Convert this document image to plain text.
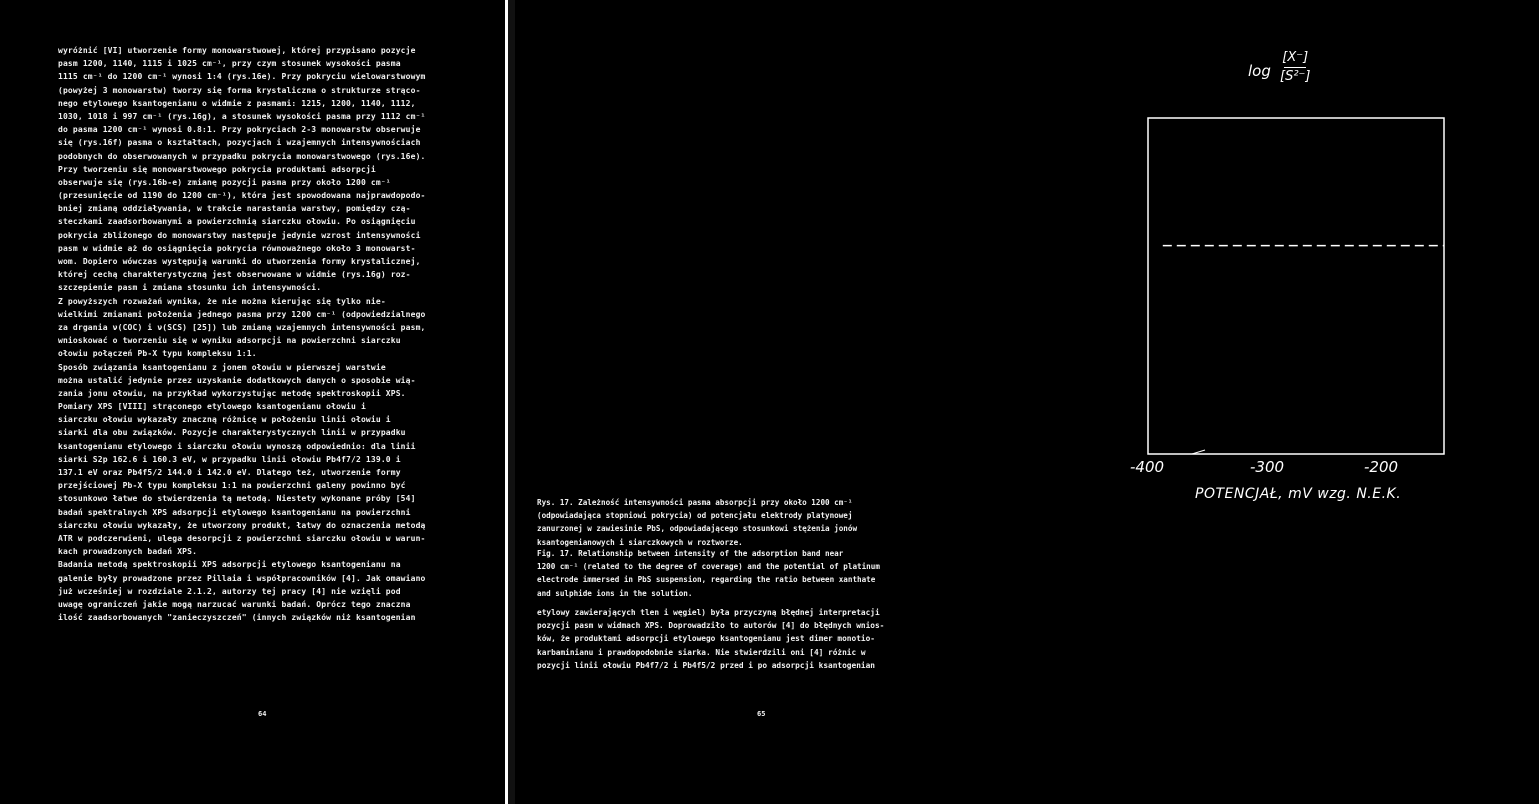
wyróżnić [VI] utworzenie formy monowarstwowej, której przypisano pozycje
pasm 1200, 1140, 1115 i 1025 cm⁻¹, przy czym stosunek wysokości pasma
1115 cm⁻¹ do 1200 cm⁻¹ wynosi 1:4 (rys.16e). Przy pokryciu wielowarstwowym
(powyżej 3 monowarstw) tworzy się forma krystaliczna o strukturze strąco-
nego etylowego ksantogenianu o widmie z pasmami: 1215, 1200, 1140, 1112,
1030, 1018 i 997 cm⁻¹ (rys.16g), a stosunek wysokości pasma przy 1112 cm⁻¹
do pasma 1200 cm⁻¹ wynosi 0.8:1. Przy pokryciach 2-3 monowarstw obserwuje
się (rys.16f) pasma o kształtach, pozycjach i wzajemnych intensywnościach
podobnych do obserwowanych w przypadku pokrycia monowarstwowego (rys.16e).
Przy tworzeniu się monowarstwowego pokrycia produktami adsorpcji
obserwuje się (rys.16b-e) zmianę pozycji pasma przy około 1200 cm⁻¹
(przesunięcie od 1190 do 1200 cm⁻¹), która jest spowodowana najprawdopodo-
bniej zmianą oddziaływania, w trakcie narastania warstwy, pomiędzy czą-
steczkami zaadsorbowanymi a powierzchnią siarczku ołowiu. Po osiągnięciu
pokrycia zbliżonego do monowarstwy następuje jedynie wzrost intensywności
pasm w widmie aż do osiągnięcia pokrycia równoważnego około 3 monowarst-
wom. Dopiero wówczas występują warunki do utworzenia formy krystalicznej,
której cechą charakterystyczną jest obserwowane w widmie (rys.16g) roz-
szczepienie pasm i zmiana stosunku ich intensywności.
Z powyższych rozważań wynika, że nie można kierując się tylko nie-
wielkimi zmianami położenia jednego pasma przy 1200 cm⁻¹ (odpowiedzialnego
za drgania ν(COC) i ν(SCS) [25]) lub zmianą wzajemnych intensywności pasm,
wnioskować o tworzeniu się w wyniku adsorpcji na powierzchni siarczku
ołowiu połączeń Pb-X typu kompleksu 1:1.
Sposób związania ksantogenianu z jonem ołowiu w pierwszej warstwie
można ustalić jedynie przez uzyskanie dodatkowych danych o sposobie wią-
zania jonu ołowiu, na przykład wykorzystując metodę spektroskopii XPS.
Pomiary XPS [VIII] strąconego etylowego ksantogenianu ołowiu i
siarczku ołowiu wykazały znaczną różnicę w położeniu linii ołowiu i
siarki dla obu związków. Pozycje charakterystycznych linii w przypadku
ksantogenianu etylowego i siarczku ołowiu wynoszą odpowiednio: dla linii
siarki S2p 162.6 i 160.3 eV, w przypadku linii ołowiu Pb4f7/2 139.0 i
137.1 eV oraz Pb4f5/2 144.0 i 142.0 eV. Dlatego też, utworzenie formy
przejściowej Pb-X typu kompleksu 1:1 na powierzchni galeny powinno być
stosunkowo łatwe do stwierdzenia tą metodą. Niestety wykonane próby [54]
badań spektralnych XPS adsorpcji etylowego ksantogenianu na powierzchni
siarczku ołowiu wykazały, że utworzony produkt, łatwy do oznaczenia metodą
ATR w podczerwieni, ulega desorpcji z powierzchni siarczku ołowiu w warun-
kach prowadzonych badań XPS.
Badania metodą spektroskopii XPS adsorpcji etylowego ksantogenianu na
galenie były prowadzone przez Pillaia i współpracowników [4]. Jak omawiano
już wcześniej w rozdziale 2.1.2, autorzy tej pracy [4] nie wzięli pod
uwagę ograniczeń jakie mogą narzucać warunki badań. Oprócz tego znaczna
ilość zaadsorbowanych "zanieczyszczeń" (innych związków niż ksantogenian
64
log
[X⁻]
[S²⁻]
-400	-300	-200
POTENCJAŁ, mV wzg. N.E.K.
Rys. 17. Zależność intensywności pasma absorpcji przy około 1200 cm⁻¹
(odpowiadająca stopniowi pokrycia) od potencjału elektrody platynowej
zanurzonej w zawiesinie PbS, odpowiadającego stosunkowi stężenia jonów
ksantogenianowych i siarczkowych w roztworze.
Fig. 17. Relationship between intensity of the adsorption band near
1200 cm⁻¹ (related to the degree of coverage) and the potential of platinum
electrode immersed in PbS suspension, regarding the ratio between xanthate
and sulphide ions in the solution.
etylowy zawierających tlen i węgiel) była przyczyną błędnej interpretacji
pozycji pasm w widmach XPS. Doprowadziło to autorów [4] do błędnych wnios-
ków, że produktami adsorpcji etylowego ksantogenianu jest dimer monotio-
karbaminianu i prawdopodobnie siarka. Nie stwierdzili oni [4] różnic w
pozycji linii ołowiu Pb4f7/2 i Pb4f5/2 przed i po adsorpcji ksantogenian
65
